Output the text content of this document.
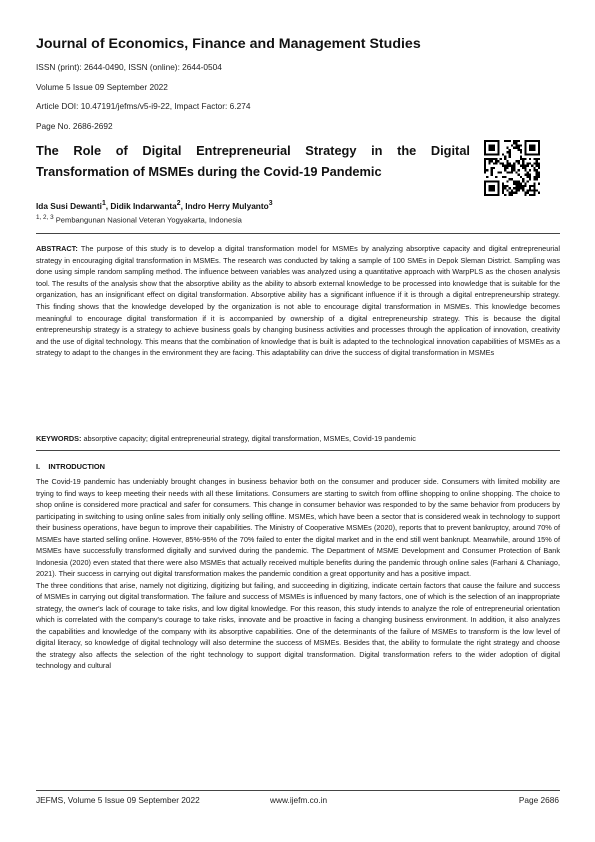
Journal of Economics, Finance and Management Studies
ISSN (print): 2644-0490, ISSN (online): 2644-0504
Volume 5 Issue 09 September 2022
Article DOI: 10.47191/jefms/v5-i9-22, Impact Factor: 6.274
Page No. 2686-2692
The Role of Digital Entrepreneurial Strategy in the Digital Transformation of MSMEs during the Covid-19 Pandemic
Ida Susi Dewanti$^1$, Didik Indarwanta$^2$, Indro Herry Mulyanto$^3$
$^{1, 2, 3}$ Pembangunan Nasional Veteran Yogyakarta, Indonesia
ABSTRACT: The purpose of this study is to develop a digital transformation model for MSMEs by analyzing absorptive capacity and digital entrepreneurial strategy in encouraging digital transformation in MSMEs. The research was conducted by taking a sample of 100 SMEs in Depok Sleman District. Sampling was done using simple random sampling method. The influence between variables was analyzed using a quantitative approach with WarpPLS as the chosen analysis tool. The results of the analysis show that the absorptive ability as the ability to absorb external knowledge to be processed into knowledge that is suitable for the organization, has an insignificant effect on digital transformation. Absorptive ability has a significant influence if it is through a digital entrepreneurship strategy. This finding shows that the knowledge developed by the organization is not able to encourage digital transformation in MSMEs. This knowledge becomes meaningful to encourage digital transformation if it is accompanied by ownership of a digital entrepreneurship strategy. This is because the digital entrepreneurship strategy is a strategy to achieve business goals by changing business activities and processes through the application of innovation, creativity and the use of digital technology. This means that the combination of knowledge that is built is adapted to the technological innovation capabilities of MSMEs as a strategy to adapt to the changes in the environment they are facing. This adaptability can drive the success of digital transformation in MSMEs
KEYWORDS: absorptive capacity; digital entrepreneurial strategy, digital transformation, MSMEs, Covid-19 pandemic
I.    INTRODUCTION

The Covid-19 pandemic has undeniably brought changes in business behavior both on the consumer and producer side. Consumers with limited mobility are trying to find ways to keep meeting their needs with all these limitations. Consumers are starting to switch from offline shopping to online shopping. The choice to shop online is considered more practical and safer for consumers. This change in consumer behavior was responded to by the same behavior from producers by participating in switching to using online sales from initially only selling offline. MSMEs, which have been a sector that is considered weak in technology to support their business operations, have begun to improve their capabilities. The Ministry of Cooperative MSMEs (2020), reports that to prevent bankruptcy, around 70% of MSMEs have started selling online. However, 85%-95% of the 70% failed to enter the digital market and in the end still went bankrupt. Meanwhile, around 15% of MSMEs have successfully transformed digitally and survived during the pandemic. The Department of MSME Development and Consumer Protection of Bank Indonesia (2020) even stated that there were also MSMEs that actually received multiple benefits during the pandemic through online sales (Farhani & Chaniago, 2021). Their success in carrying out digital transformation makes the pandemic condition a great opportunity and has a positive impact.

The three conditions that arise, namely not digitizing, digitizing but failing, and succeeding in digitizing, indicate certain factors that cause the failure and success of MSMEs in carrying out digital transformation. The failure and success of MSMEs is influenced by many factors, one of which is the selection of an inappropriate strategy, the owner's lack of courage to take risks, and low digital knowledge. For this reason, this study intends to analyze the role of entrepreneurial orientation which is correlated with the company's courage to take risks, innovate and be proactive in facing a changing business environment. In addition, it also analyzes the capabilities and knowledge of the company with its absorptive capabilities. One of the determinants of the failure of MSMEs to transform is the low level of digital literacy, so knowledge of digital technology will also determine the success of MSMEs. Besides that, the ability to formulate the right strategy and choose the strategy also affects the selection of the right technology to support digital transformation. Digital transformation refers to the wider adoption of digital technology and cultural

JEFMS, Volume 5 Issue 09 September 2022	www.ijefm.co.in	Page 2686
